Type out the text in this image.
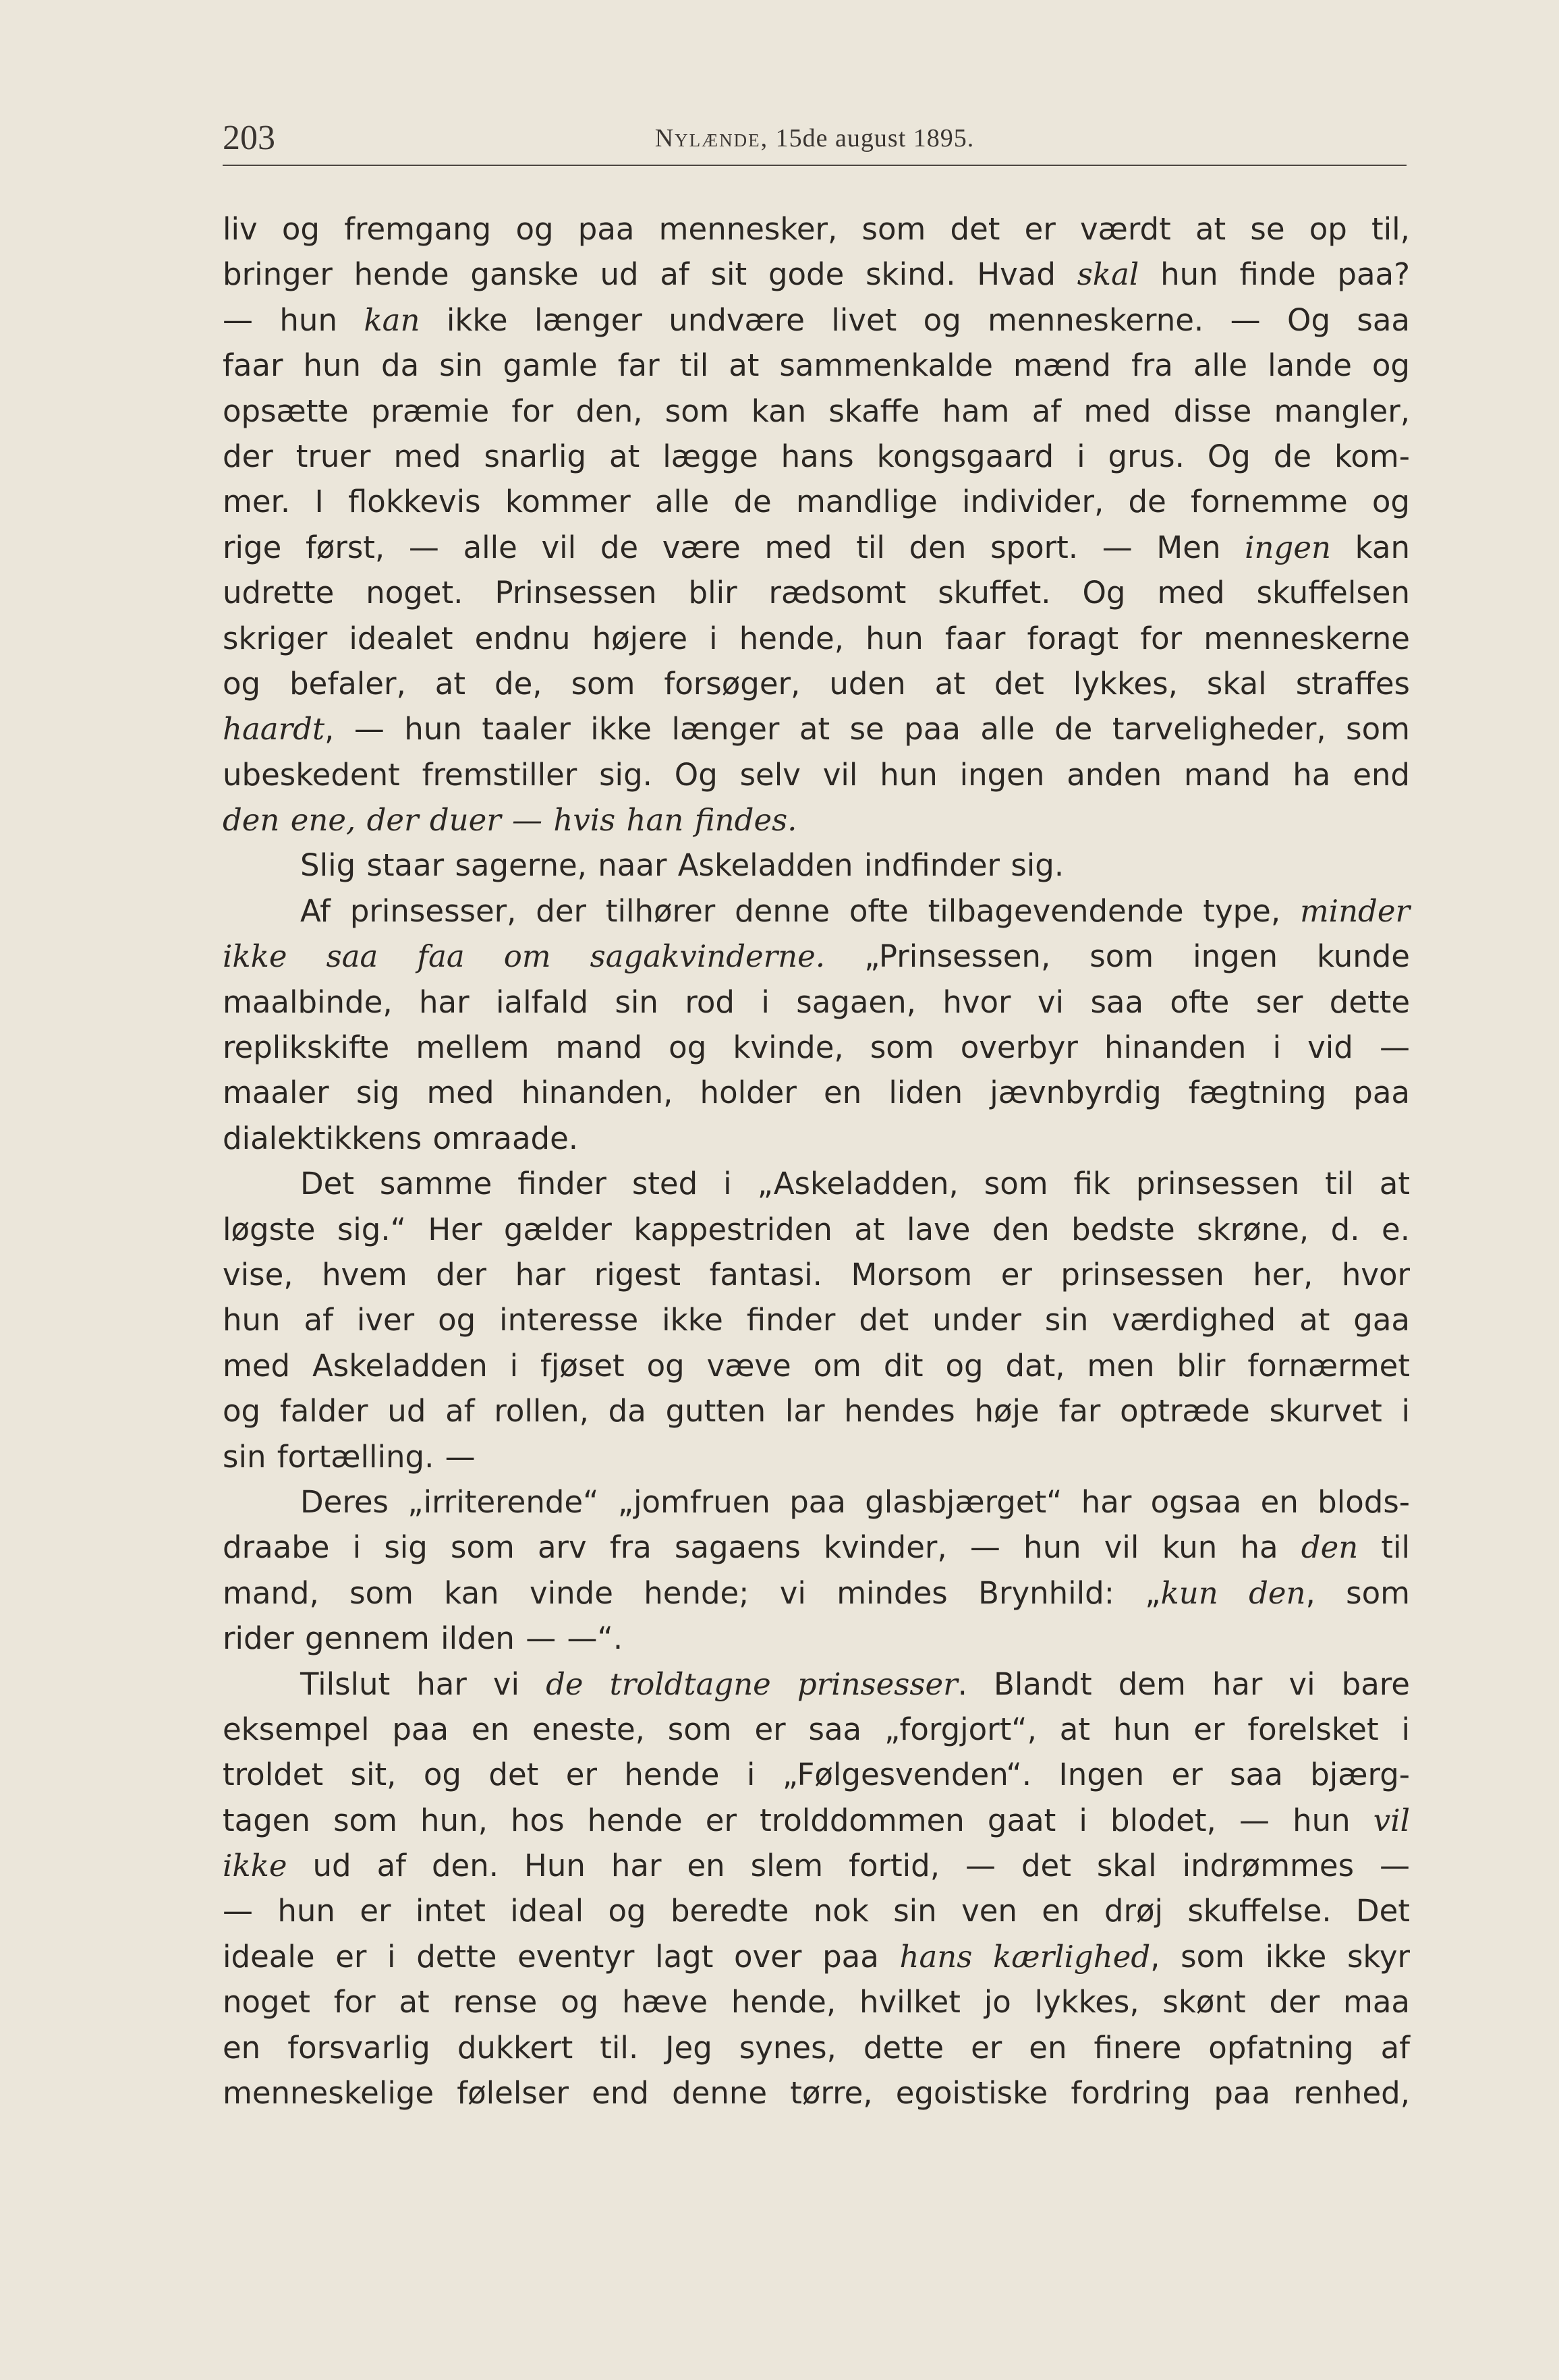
203	Nylænde, 15de august 1895.
liv og fremgang og paa mennesker, som det er værdt at se op til,
bringer hende ganske ud af sit gode skind. Hvad skal hun finde paa?
— hun kan ikke længer undvære livet og menneskerne. — Og saa
faar hun da sin gamle far til at sammenkalde mænd fra alle lande og
opsætte præmie for den, som kan skaffe ham af med disse mangler,
der truer med snarlig at lægge hans kongsgaard i grus. Og de kom-
mer. I flokkevis kommer alle de mandlige individer, de fornemme og
rige først, — alle vil de være med til den sport. — Men ingen kan
udrette noget. Prinsessen blir rædsomt skuffet. Og med skuffelsen
skriger idealet endnu højere i hende, hun faar foragt for menneskerne
og befaler, at de, som forsøger, uden at det lykkes, skal straffes
haardt, — hun taaler ikke længer at se paa alle de tarveligheder, som
ubeskedent fremstiller sig. Og selv vil hun ingen anden mand ha end
den ene, der duer — hvis han findes.
Slig staar sagerne, naar Askeladden indfinder sig.
Af prinsesser, der tilhører denne ofte tilbagevendende type, minder
ikke saa faa om sagakvinderne. „Prinsessen, som ingen kunde
maalbinde, har ialfald sin rod i sagaen, hvor vi saa ofte ser dette
replikskifte mellem mand og kvinde, som overbyr hinanden i vid —
maaler sig med hinanden, holder en liden jævnbyrdig fægtning paa
dialektikkens omraade.
Det samme finder sted i „Askeladden, som fik prinsessen til at
løgste sig.“ Her gælder kappestriden at lave den bedste skrøne, d. e.
vise, hvem der har rigest fantasi. Morsom er prinsessen her, hvor
hun af iver og interesse ikke finder det under sin værdighed at gaa
med Askeladden i fjøset og væve om dit og dat, men blir fornærmet
og falder ud af rollen, da gutten lar hendes høje far optræde skurvet i
sin fortælling. —
Deres „irriterende“ „jomfruen paa glasbjærget“ har ogsaa en blods-
draabe i sig som arv fra sagaens kvinder, — hun vil kun ha den til
mand, som kan vinde hende; vi mindes Brynhild: „kun den, som
rider gennem ilden — —“.
Tilslut har vi de troldtagne prinsesser. Blandt dem har vi bare
eksempel paa en eneste, som er saa „forgjort“, at hun er forelsket i
troldet sit, og det er hende i „Følgesvenden“. Ingen er saa bjærg-
tagen som hun, hos hende er trolddommen gaat i blodet, — hun vil
ikke ud af den. Hun har en slem fortid, — det skal indrømmes —
— hun er intet ideal og beredte nok sin ven en drøj skuffelse. Det
ideale er i dette eventyr lagt over paa hans kærlighed, som ikke skyr
noget for at rense og hæve hende, hvilket jo lykkes, skønt der maa
en forsvarlig dukkert til. Jeg synes, dette er en finere opfatning af
menneskelige følelser end denne tørre, egoistiske fordring paa renhed,
